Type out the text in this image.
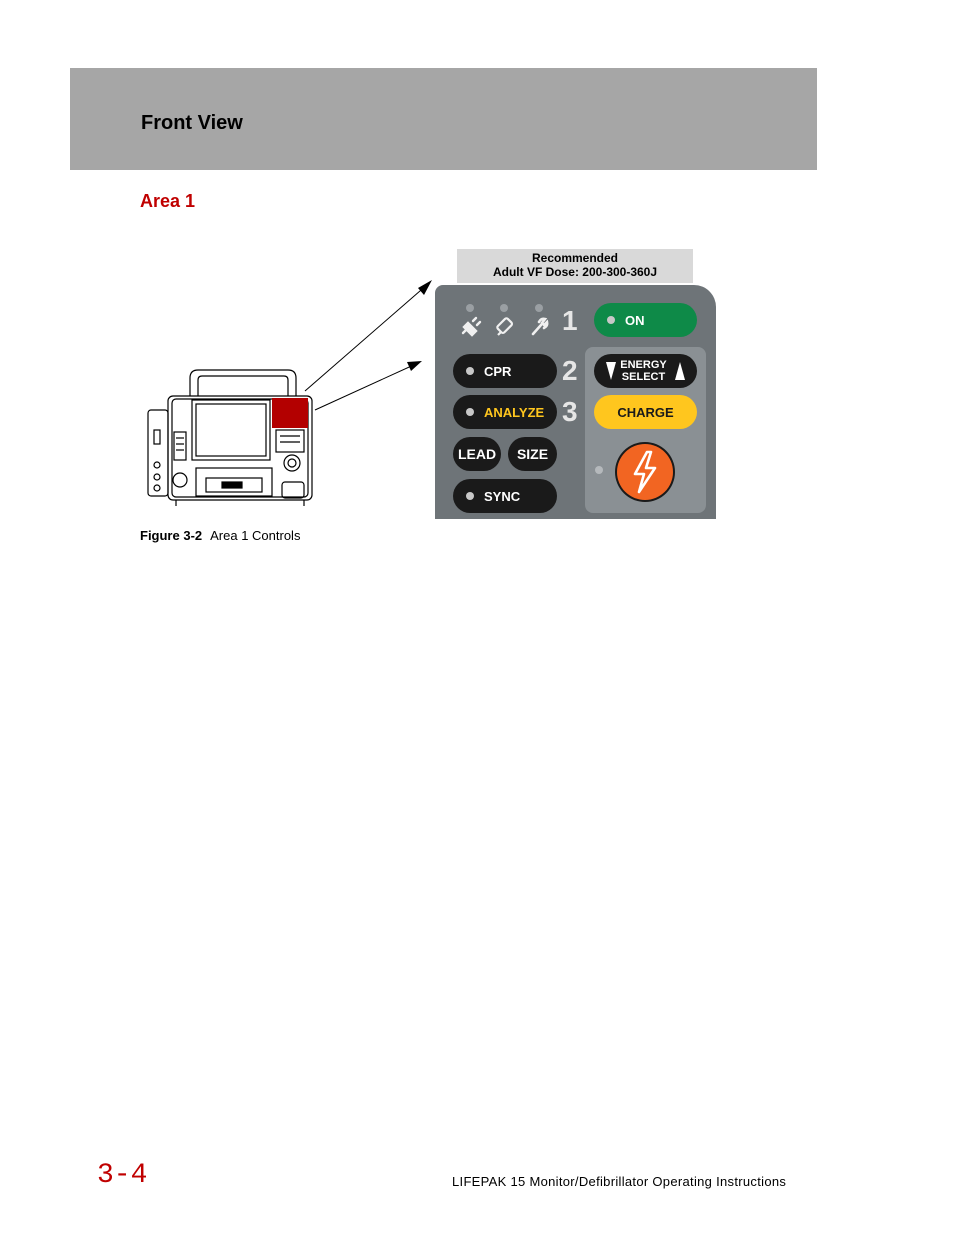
Front View
Area 1
Recommended
Adult VF Dose: 200-300-360J
1
2
3
ON
CPR	ENERGY
SELECT
ANALYZE	CHARGE
LEAD SIZE
SYNC
Figure 3-2 Area 1 Controls
3-4	LIFEPAK 15 Monitor/Defibrillator Operating Instructions
